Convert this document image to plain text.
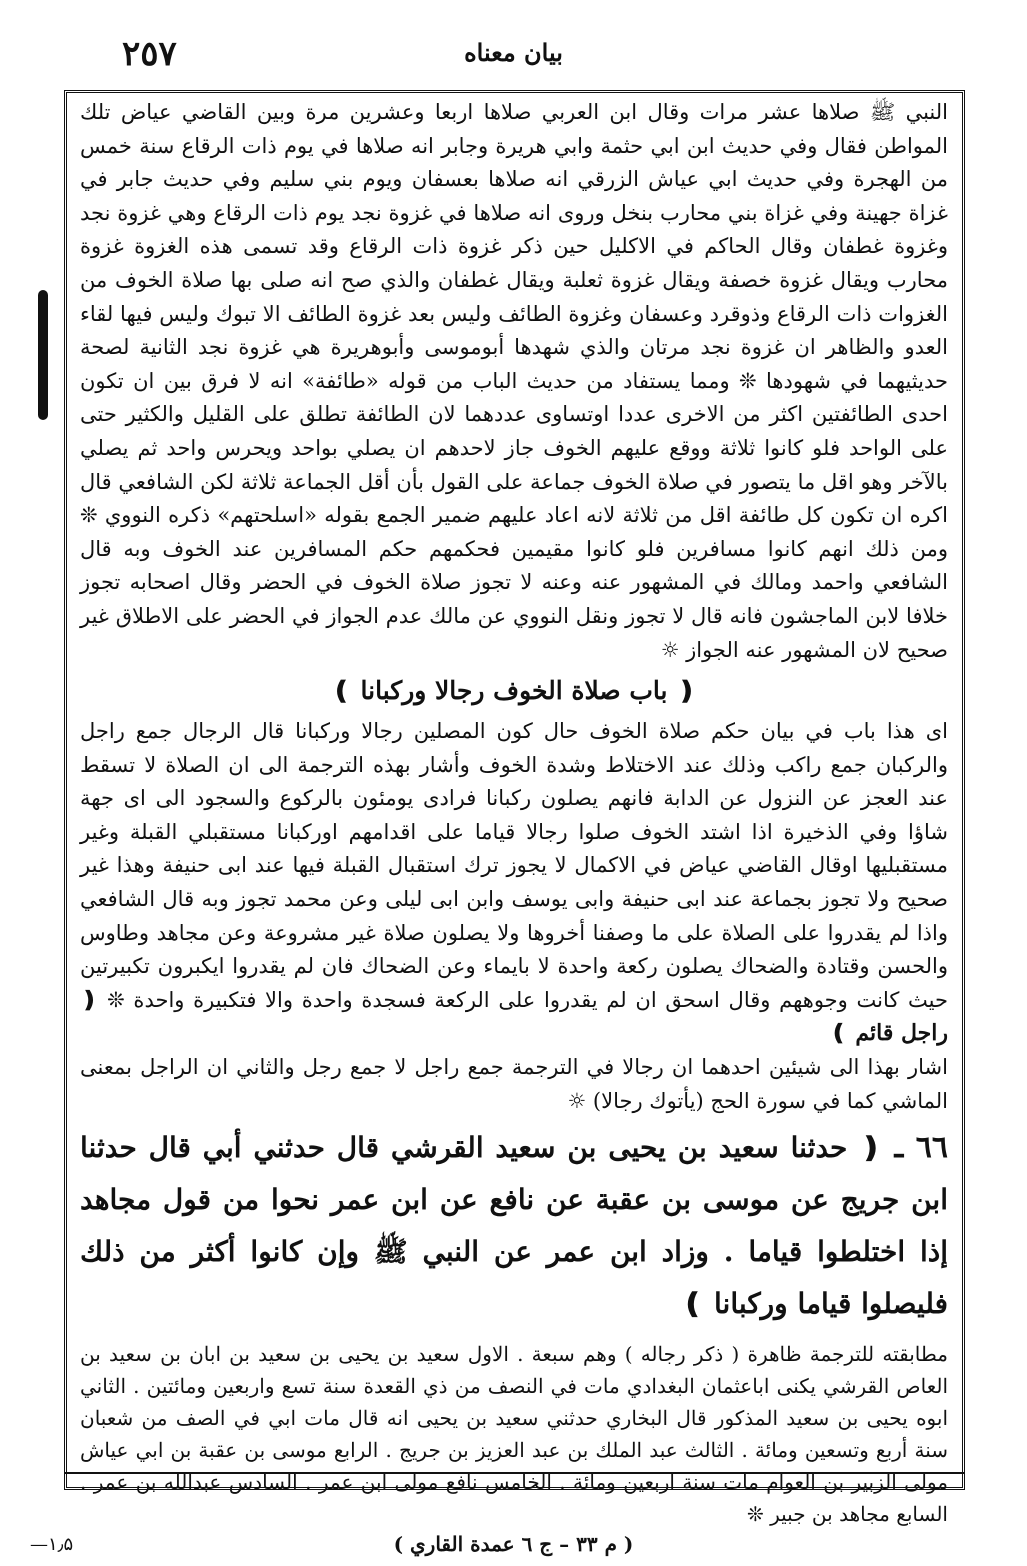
٢٥٧	بيان معناه

النبي ﷺ صلاها عشر مرات وقال ابن العربي صلاها اربعا وعشرين مرة وبين القاضي عياض تلك المواطن فقال وفي حديث ابن ابي حثمة وابي هريرة وجابر انه صلاها في يوم ذات الرقاع سنة خمس من الهجرة وفي حديث ابي عياش الزرقي انه صلاها بعسفان ويوم بني سليم وفي حديث جابر في غزاة جهينة وفي غزاة بني محارب بنخل وروى انه صلاها في غزوة نجد يوم ذات الرقاع وهي غزوة نجد وغزوة غطفان وقال الحاكم في الاكليل حين ذكر غزوة ذات الرقاع وقد تسمى هذه الغزوة غزوة محارب ويقال غزوة خصفة ويقال غزوة ثعلبة ويقال غطفان والذي صح انه صلى بها صلاة الخوف من الغزوات ذات الرقاع وذوقرد وعسفان وغزوة الطائف وليس بعد غزوة الطائف الا تبوك وليس فيها لقاء العدو والظاهر ان غزوة نجد مرتان والذي شهدها أبوموسى وأبوهريرة هي غزوة نجد الثانية لصحة حديثيهما في شهودها ❊ ومما يستفاد من حديث الباب من قوله «طائفة» انه لا فرق بين ان تكون احدى الطائفتين اكثر من الاخرى عددا اوتساوى عددهما لان الطائفة تطلق على القليل والكثير حتى على الواحد فلو كانوا ثلاثة ووقع عليهم الخوف جاز لاحدهم ان يصلي بواحد ويحرس واحد ثم يصلي بالآخر وهو اقل ما يتصور في صلاة الخوف جماعة على القول بأن أقل الجماعة ثلاثة لكن الشافعي قال اكره ان تكون كل طائفة اقل من ثلاثة لانه اعاد عليهم ضمير الجمع بقوله «اسلحتهم» ذكره النووي ❊ ومن ذلك انهم كانوا مسافرين فلو كانوا مقيمين فحكمهم حكم المسافرين عند الخوف وبه قال الشافعي واحمد ومالك في المشهور عنه وعنه لا تجوز صلاة الخوف في الحضر وقال اصحابه تجوز خلافا لابن الماجشون فانه قال لا تجوز ونقل النووي عن مالك عدم الجواز في الحضر على الاطلاق غير صحيح لان المشهور عنه الجواز ☼

❪ باب صلاة الخوف رجالا وركبانا ❫

اى هذا باب في بيان حكم صلاة الخوف حال كون المصلين رجالا وركبانا قال الرجال جمع راجل والركبان جمع راكب وذلك عند الاختلاط وشدة الخوف وأشار بهذه الترجمة الى ان الصلاة لا تسقط عند العجز عن النزول عن الدابة فانهم يصلون ركبانا فرادى يومئون بالركوع والسجود الى اى جهة شاؤا وفي الذخيرة اذا اشتد الخوف صلوا رجالا قياما على اقدامهم اوركبانا مستقبلي القبلة وغير مستقبليها اوقال القاضي عياض في الاكمال لا يجوز ترك استقبال القبلة فيها عند ابى حنيفة وهذا غير صحيح ولا تجوز بجماعة عند ابى حنيفة وابى يوسف وابن ابى ليلى وعن محمد تجوز وبه قال الشافعي واذا لم يقدروا على الصلاة على ما وصفنا أخروها ولا يصلون صلاة غير مشروعة وعن مجاهد وطاوس والحسن وقتادة والضحاك يصلون ركعة واحدة لا بايماء وعن الضحاك فان لم يقدروا ايكبرون تكبيرتين حيث كانت وجوههم وقال اسحق ان لم يقدروا على الركعة فسجدة واحدة والا فتكبيرة واحدة ❊ ❪ راجل قائم ❫

اشار بهذا الى شيئين احدهما ان رجالا في الترجمة جمع راجل لا جمع رجل والثاني ان الراجل بمعنى الماشي كما في سورة الحج (يأتوك رجالا) ☼

٦٦ ـ ❪ حدثنا سعيد بن يحيى بن سعيد القرشي قال حدثني أبي قال حدثنا ابن جريج عن موسى بن عقبة عن نافع عن ابن عمر نحوا من قول مجاهد إذا اختلطوا قياما . وزاد ابن عمر عن النبي ﷺ وإن كانوا أكثر من ذلك فليصلوا قياما وركبانا ❫

مطابقته للترجمة ظاهرة ( ذكر رجاله ) وهم سبعة . الاول سعيد بن يحيى بن سعيد بن ابان بن سعيد بن العاص القرشي يكنى اباعثمان البغدادي مات في النصف من ذي القعدة سنة تسع واربعين ومائتين . الثاني ابوه يحيى بن سعيد المذكور قال البخاري حدثني سعيد بن يحيى انه قال مات ابي في الصف من شعبان سنة أربع وتسعين ومائة . الثالث عبد الملك بن عبد العزيز بن جريج . الرابع موسى بن عقبة بن ابي عياش مولى الزبير بن العوام مات سنة اربعين ومائة . الخامس نافع مولى ابن عمر . السادس عبدالله بن عمر . السابع مجاهد بن جبير ❊

( م ٣٣ – ج ٦ عمدة القاري )
—۱٫۵
